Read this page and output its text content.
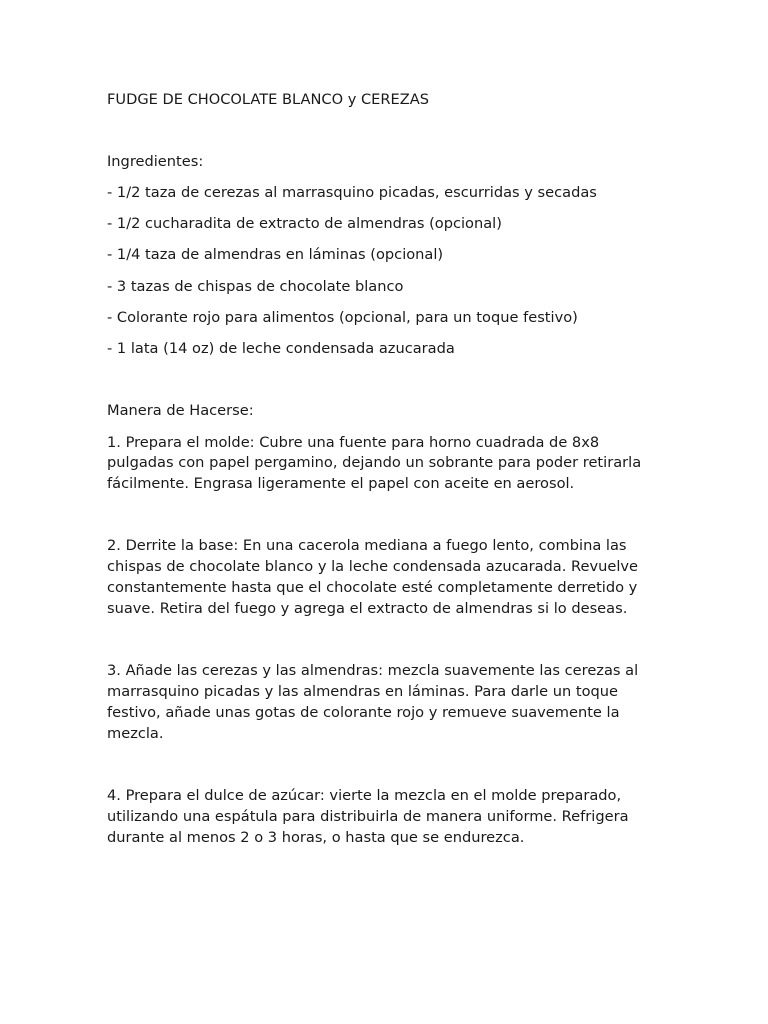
FUDGE DE CHOCOLATE BLANCO y CEREZAS

Ingredientes:

- 1/2 taza de cerezas al marrasquino picadas, escurridas y secadas
- 1/2 cucharadita de extracto de almendras (opcional)
- 1/4 taza de almendras en láminas (opcional)
- 3 tazas de chispas de chocolate blanco
- Colorante rojo para alimentos (opcional, para un toque festivo)
- 1 lata (14 oz) de leche condensada azucarada

Manera de Hacerse:

1. Prepara el molde: Cubre una fuente para horno cuadrada de 8x8 pulgadas con papel pergamino, dejando un sobrante para poder retirarla fácilmente. Engrasa ligeramente el papel con aceite en aerosol.

2. Derrite la base: En una cacerola mediana a fuego lento, combina las chispas de chocolate blanco y la leche condensada azucarada. Revuelve constantemente hasta que el chocolate esté completamente derretido y suave. Retira del fuego y agrega el extracto de almendras si lo deseas.

3. Añade las cerezas y las almendras: mezcla suavemente las cerezas al marrasquino picadas y las almendras en láminas. Para darle un toque festivo, añade unas gotas de colorante rojo y remueve suavemente la mezcla.

4. Prepara el dulce de azúcar: vierte la mezcla en el molde preparado, utilizando una espátula para distribuirla de manera uniforme. Refrigera durante al menos 2 o 3 horas, o hasta que se endurezca.
